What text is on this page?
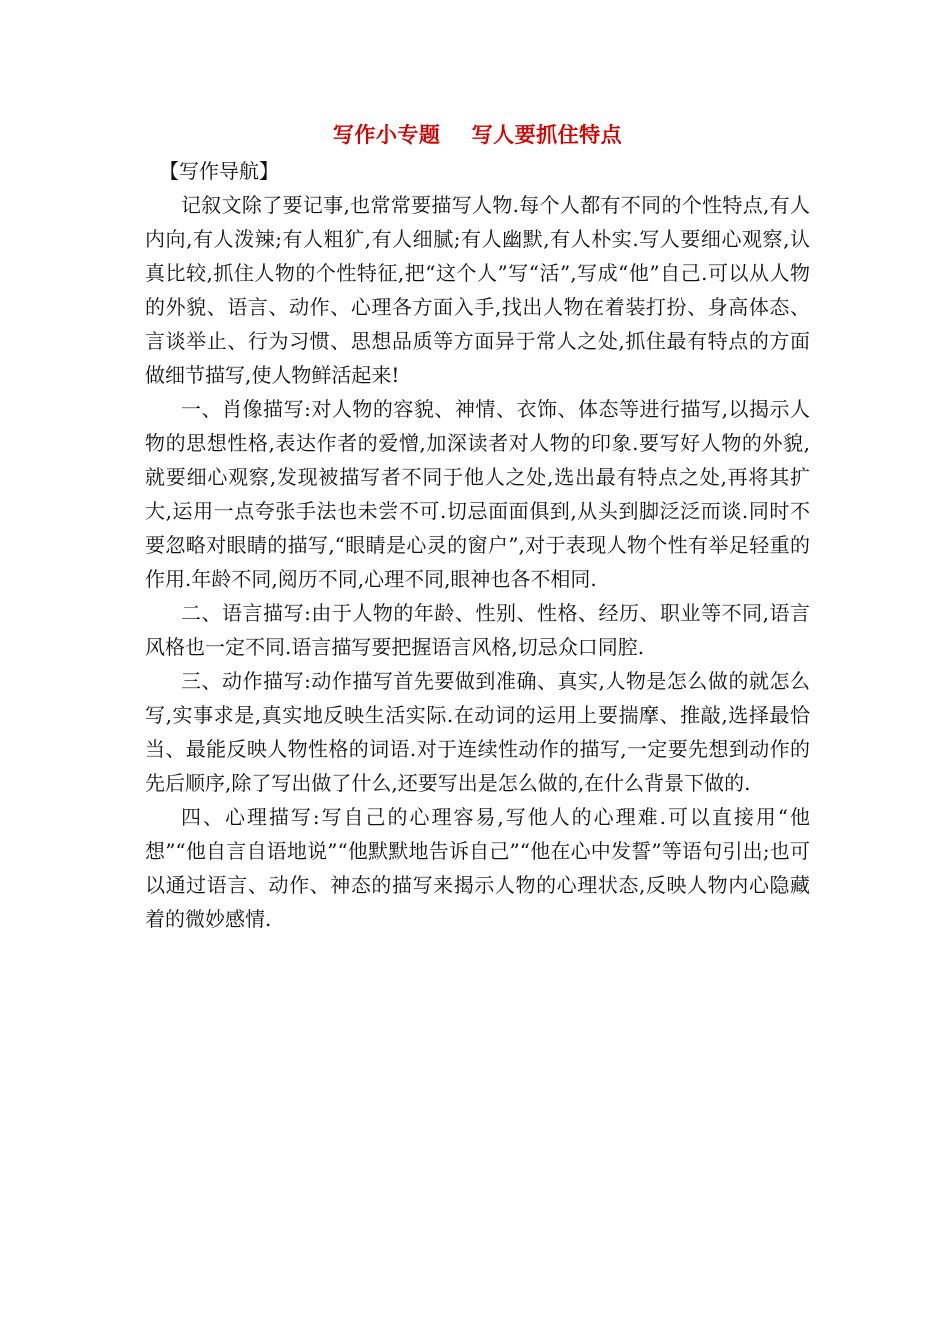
写作小专题    写人要抓住特点

【写作导航】

记叙文除了要记事,也常常要描写人物.每个人都有不同的个性特点,有人内向,有人泼辣;有人粗犷,有人细腻;有人幽默,有人朴实.写人要细心观察,认真比较,抓住人物的个性特征,把“这个人”写“活”,写成“他”自己.可以从人物的外貌、语言、动作、心理各方面入手,找出人物在着装打扮、身高体态、言谈举止、行为习惯、思想品质等方面异于常人之处,抓住最有特点的方面做细节描写,使人物鲜活起来!

一、肖像描写:对人物的容貌、神情、衣饰、体态等进行描写,以揭示人物的思想性格,表达作者的爱憎,加深读者对人物的印象.要写好人物的外貌,就要细心观察,发现被描写者不同于他人之处,选出最有特点之处,再将其扩大,运用一点夸张手法也未尝不可.切忌面面俱到,从头到脚泛泛而谈.同时不要忽略对眼睛的描写,“眼睛是心灵的窗户”,对于表现人物个性有举足轻重的作用.年龄不同,阅历不同,心理不同,眼神也各不相同.

二、语言描写:由于人物的年龄、性别、性格、经历、职业等不同,语言风格也一定不同.语言描写要把握语言风格,切忌众口同腔.

三、动作描写:动作描写首先要做到准确、真实,人物是怎么做的就怎么写,实事求是,真实地反映生活实际.在动词的运用上要揣摩、推敲,选择最恰当、最能反映人物性格的词语.对于连续性动作的描写,一定要先想到动作的先后顺序,除了写出做了什么,还要写出是怎么做的,在什么背景下做的.

四、心理描写:写自己的心理容易,写他人的心理难.可以直接用“他想”“他自言自语地说”“他默默地告诉自己”“他在心中发誓”等语句引出;也可以通过语言、动作、神态的描写来揭示人物的心理状态,反映人物内心隐藏着的微妙感情.
